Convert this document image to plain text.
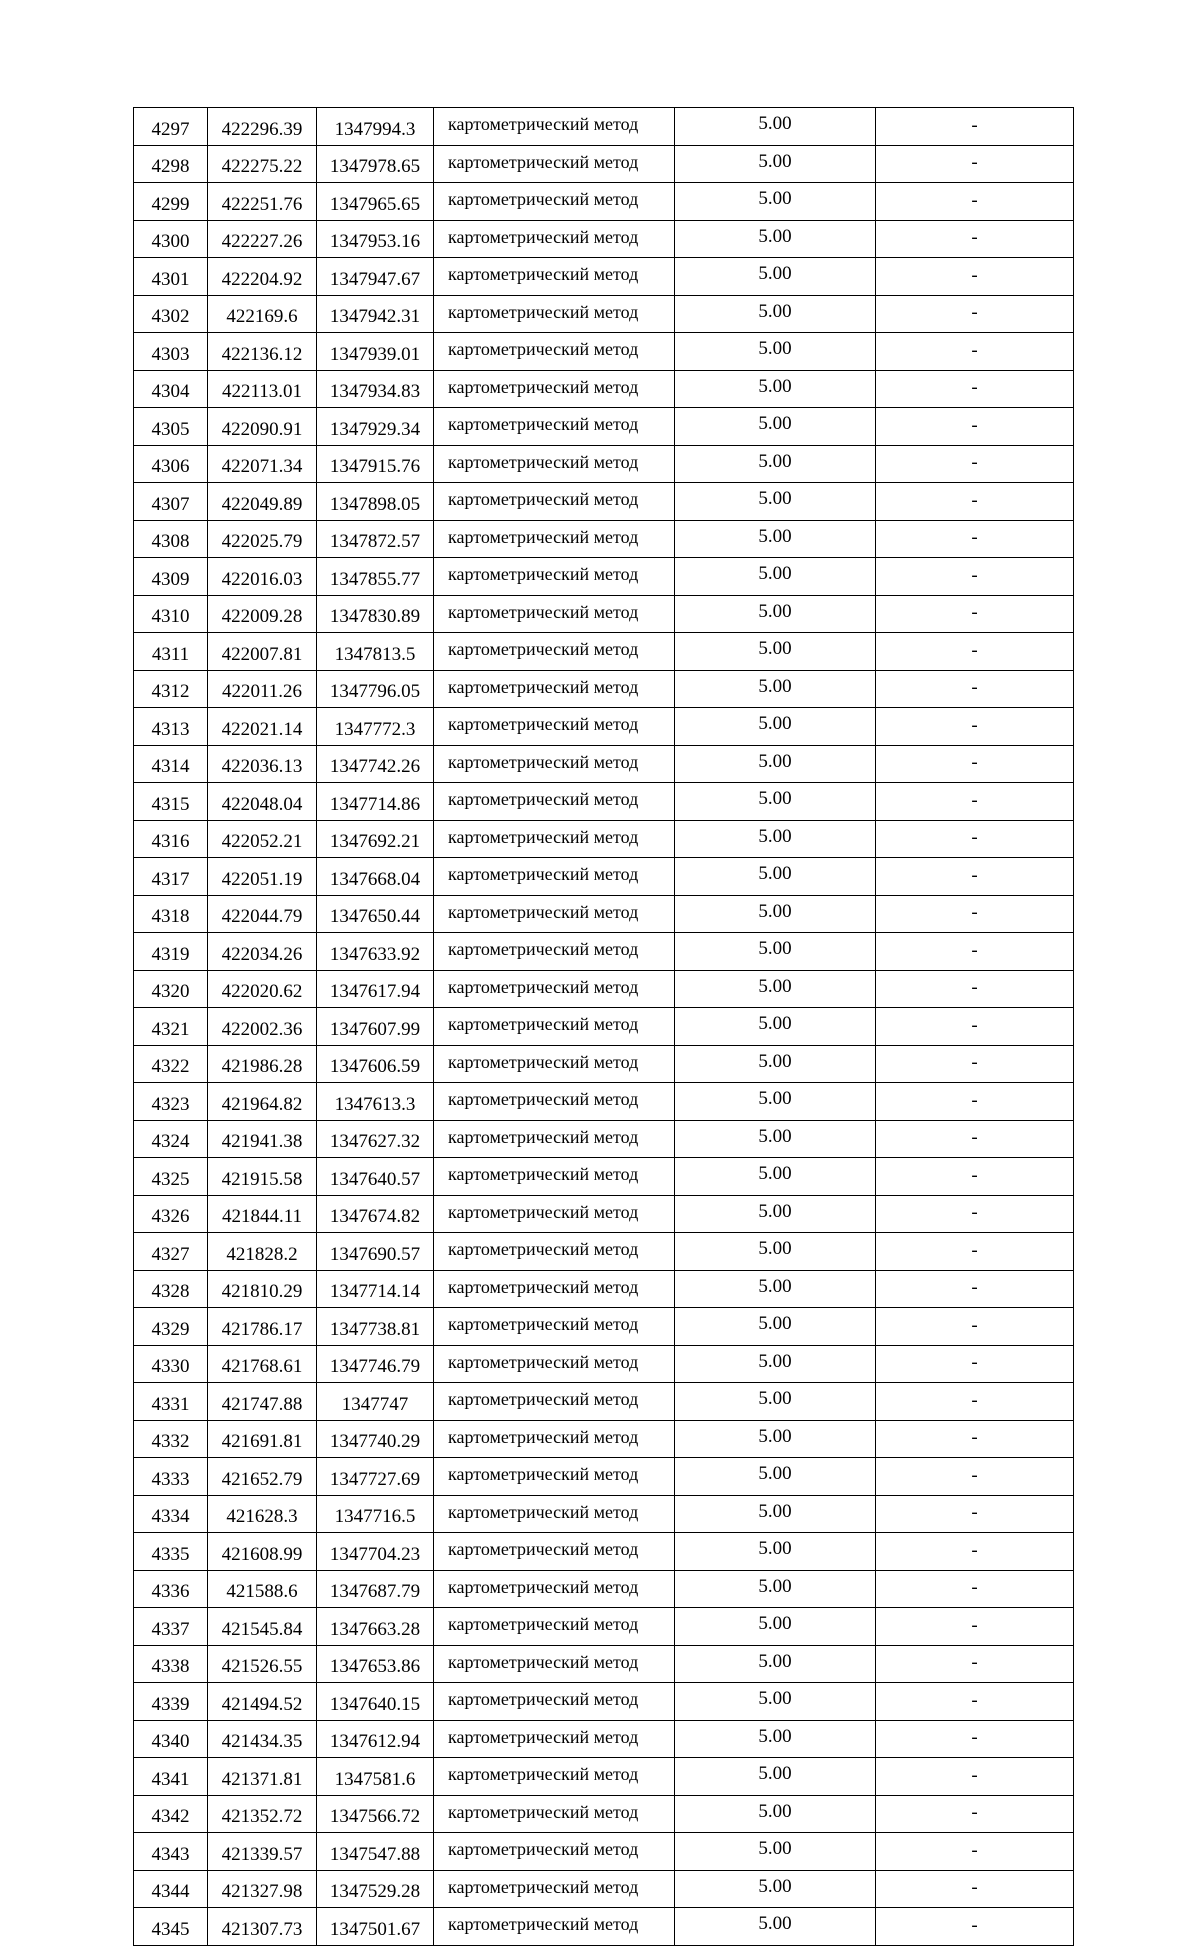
4297	422296.39	1347994.3	картометрический метод	5.00	-
4298	422275.22	1347978.65	картометрический метод	5.00	-
4299	422251.76	1347965.65	картометрический метод	5.00	-
4300	422227.26	1347953.16	картометрический метод	5.00	-
4301	422204.92	1347947.67	картометрический метод	5.00	-
4302	422169.6	1347942.31	картометрический метод	5.00	-
4303	422136.12	1347939.01	картометрический метод	5.00	-
4304	422113.01	1347934.83	картометрический метод	5.00	-
4305	422090.91	1347929.34	картометрический метод	5.00	-
4306	422071.34	1347915.76	картометрический метод	5.00	-
4307	422049.89	1347898.05	картометрический метод	5.00	-
4308	422025.79	1347872.57	картометрический метод	5.00	-
4309	422016.03	1347855.77	картометрический метод	5.00	-
4310	422009.28	1347830.89	картометрический метод	5.00	-
4311	422007.81	1347813.5	картометрический метод	5.00	-
4312	422011.26	1347796.05	картометрический метод	5.00	-
4313	422021.14	1347772.3	картометрический метод	5.00	-
4314	422036.13	1347742.26	картометрический метод	5.00	-
4315	422048.04	1347714.86	картометрический метод	5.00	-
4316	422052.21	1347692.21	картометрический метод	5.00	-
4317	422051.19	1347668.04	картометрический метод	5.00	-
4318	422044.79	1347650.44	картометрический метод	5.00	-
4319	422034.26	1347633.92	картометрический метод	5.00	-
4320	422020.62	1347617.94	картометрический метод	5.00	-
4321	422002.36	1347607.99	картометрический метод	5.00	-
4322	421986.28	1347606.59	картометрический метод	5.00	-
4323	421964.82	1347613.3	картометрический метод	5.00	-
4324	421941.38	1347627.32	картометрический метод	5.00	-
4325	421915.58	1347640.57	картометрический метод	5.00	-
4326	421844.11	1347674.82	картометрический метод	5.00	-
4327	421828.2	1347690.57	картометрический метод	5.00	-
4328	421810.29	1347714.14	картометрический метод	5.00	-
4329	421786.17	1347738.81	картометрический метод	5.00	-
4330	421768.61	1347746.79	картометрический метод	5.00	-
4331	421747.88	1347747	картометрический метод	5.00	-
4332	421691.81	1347740.29	картометрический метод	5.00	-
4333	421652.79	1347727.69	картометрический метод	5.00	-
4334	421628.3	1347716.5	картометрический метод	5.00	-
4335	421608.99	1347704.23	картометрический метод	5.00	-
4336	421588.6	1347687.79	картометрический метод	5.00	-
4337	421545.84	1347663.28	картометрический метод	5.00	-
4338	421526.55	1347653.86	картометрический метод	5.00	-
4339	421494.52	1347640.15	картометрический метод	5.00	-
4340	421434.35	1347612.94	картометрический метод	5.00	-
4341	421371.81	1347581.6	картометрический метод	5.00	-
4342	421352.72	1347566.72	картометрический метод	5.00	-
4343	421339.57	1347547.88	картометрический метод	5.00	-
4344	421327.98	1347529.28	картометрический метод	5.00	-
4345	421307.73	1347501.67	картометрический метод	5.00	-
